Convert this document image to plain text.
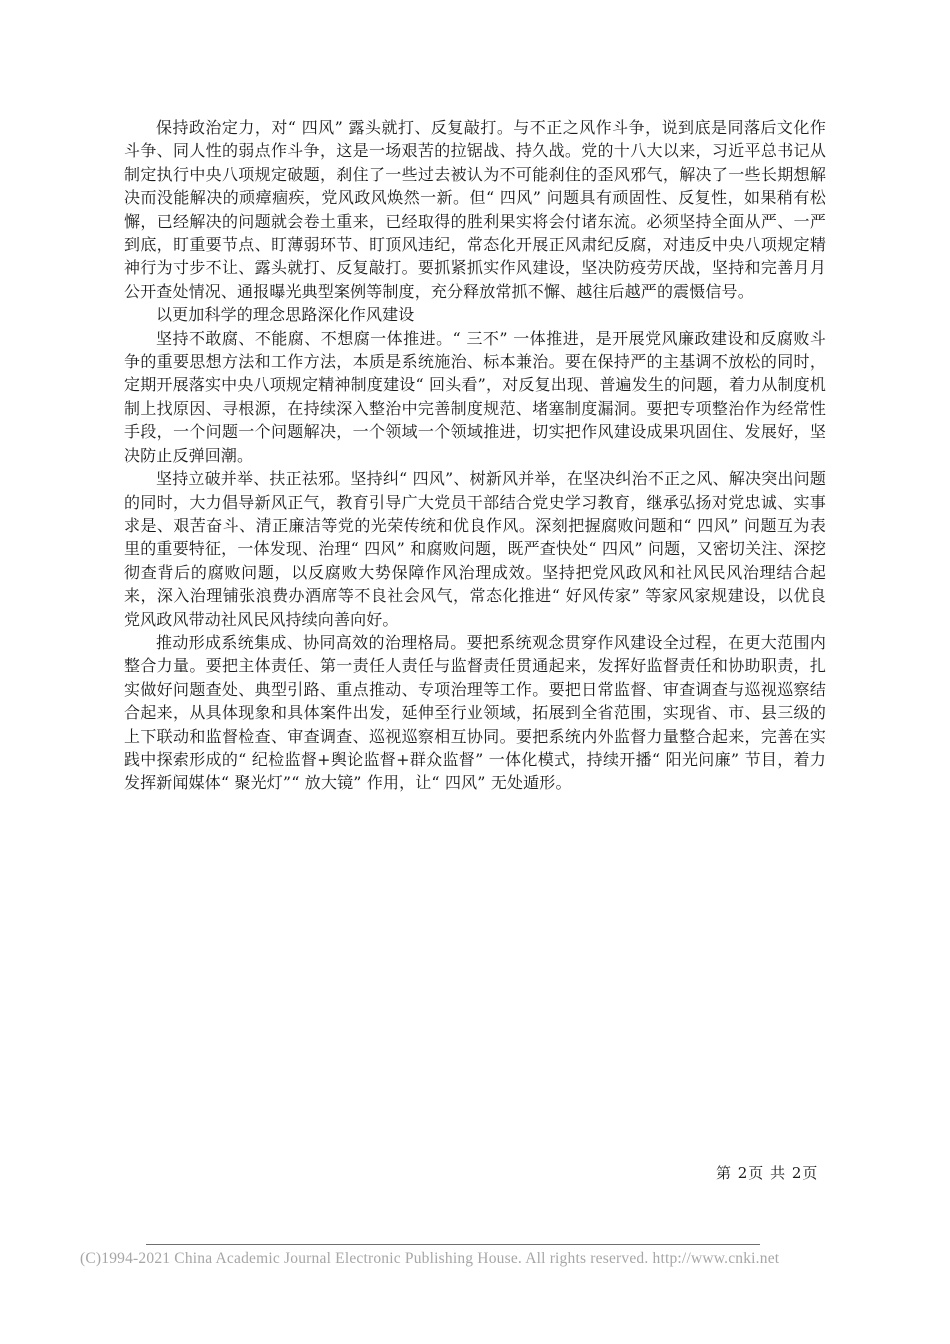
保持政治定力，对“ 四风” 露头就打、反复敲打。与不正之风作斗争，说到底是同落后文化作斗争、同人性的弱点作斗争，这是一场艰苦的拉锯战、持久战。党的十八大以来，习近平总书记从制定执行中央八项规定破题，刹住了一些过去被认为不可能刹住的歪风邪气，解决了一些长期想解决而没能解决的顽瘴痼疾，党风政风焕然一新。但“ 四风” 问题具有顽固性、反复性，如果稍有松懈，已经解决的问题就会卷土重来，已经取得的胜利果实将会付诸东流。必须坚持全面从严、一严到底，盯重要节点、盯薄弱环节、盯顶风违纪，常态化开展正风肃纪反腐，对违反中央八项规定精神行为寸步不让、露头就打、反复敲打。要抓紧抓实作风建设，坚决防疫劳厌战，坚持和完善月月公开查处情况、通报曝光典型案例等制度，充分释放常抓不懈、越往后越严的震慑信号。

以更加科学的理念思路深化作风建设

坚持不敢腐、不能腐、不想腐一体推进。“ 三不” 一体推进，是开展党风廉政建设和反腐败斗争的重要思想方法和工作方法，本质是系统施治、标本兼治。要在保持严的主基调不放松的同时，定期开展落实中央八项规定精神制度建设“ 回头看”，对反复出现、普遍发生的问题，着力从制度机制上找原因、寻根源，在持续深入整治中完善制度规范、堵塞制度漏洞。要把专项整治作为经常性手段，一个问题一个问题解决，一个领域一个领域推进，切实把作风建设成果巩固住、发展好，坚决防止反弹回潮。

坚持立破并举、扶正祛邪。坚持纠“ 四风”、树新风并举，在坚决纠治不正之风、解决突出问题的同时，大力倡导新风正气，教育引导广大党员干部结合党史学习教育，继承弘扬对党忠诚、实事求是、艰苦奋斗、清正廉洁等党的光荣传统和优良作风。深刻把握腐败问题和“ 四风” 问题互为表里的重要特征，一体发现、治理“ 四风” 和腐败问题，既严查快处“ 四风” 问题，又密切关注、深挖彻查背后的腐败问题，以反腐败大势保障作风治理成效。坚持把党风政风和社风民风治理结合起来，深入治理铺张浪费办酒席等不良社会风气，常态化推进“ 好风传家” 等家风家规建设，以优良党风政风带动社风民风持续向善向好。

推动形成系统集成、协同高效的治理格局。要把系统观念贯穿作风建设全过程，在更大范围内整合力量。要把主体责任、第一责任人责任与监督责任贯通起来，发挥好监督责任和协助职责，扎实做好问题查处、典型引路、重点推动、专项治理等工作。要把日常监督、审查调查与巡视巡察结合起来，从具体现象和具体案件出发，延伸至行业领域，拓展到全省范围，实现省、市、县三级的上下联动和监督检查、审查调查、巡视巡察相互协同。要把系统内外监督力量整合起来，完善在实践中探索形成的“ 纪检监督+舆论监督+群众监督” 一体化模式，持续开播“ 阳光问廉” 节目，着力发挥新闻媒体“ 聚光灯”“ 放大镜” 作用，让“ 四风” 无处遁形。

第 2页 共 2页
(C)1994-2021 China Academic Journal Electronic Publishing House. All rights reserved. http://www.cnki.net
